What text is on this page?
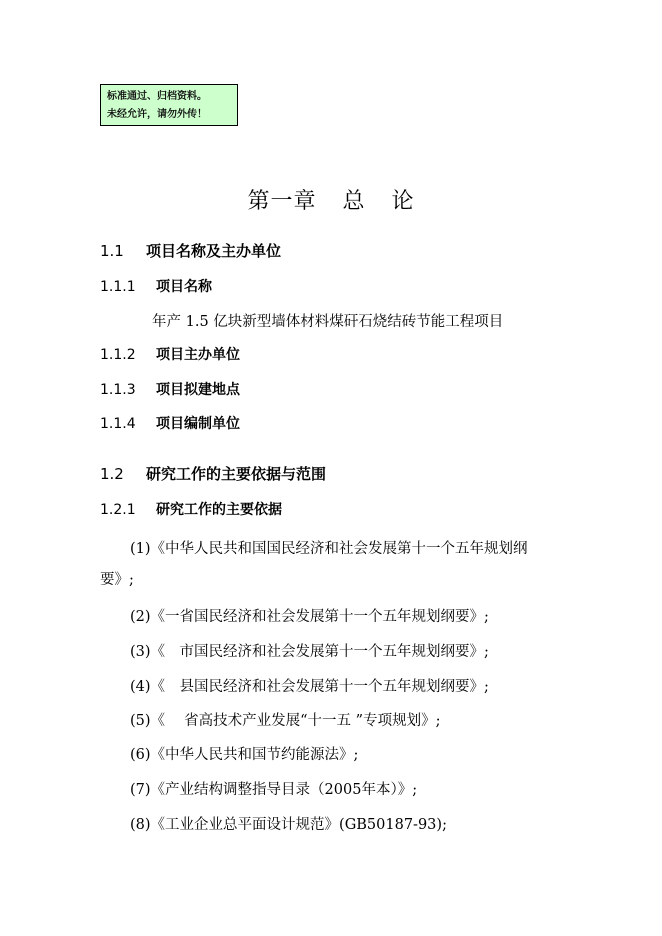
标准通过、归档资料。
未经允许，请勿外传！
第一章 总 论
1.1 项目名称及主办单位
1.1.1 项目名称
年产 1.5 亿块新型墙体材料煤矸石烧结砖节能工程项目
1.1.2 项目主办单位
1.1.3 项目拟建地点
1.1.4 项目编制单位
1.2 研究工作的主要依据与范围
1.2.1 研究工作的主要依据
(1)《中华人民共和国国民经济和社会发展第十一个五年规划纲
要》;
(2)《一省国民经济和社会发展第十一个五年规划纲要》;
(3)《　市国民经济和社会发展第十一个五年规划纲要》;
(4)《　县国民经济和社会发展第十一个五年规划纲要》;
(5)《　 省高技术产业发展“十一五 ”专项规划》;
(6)《中华人民共和国节约能源法》;
(7)《产业结构调整指导目录（2005年本）》;
(8)《工业企业总平面设计规范》(GB50187-93);
